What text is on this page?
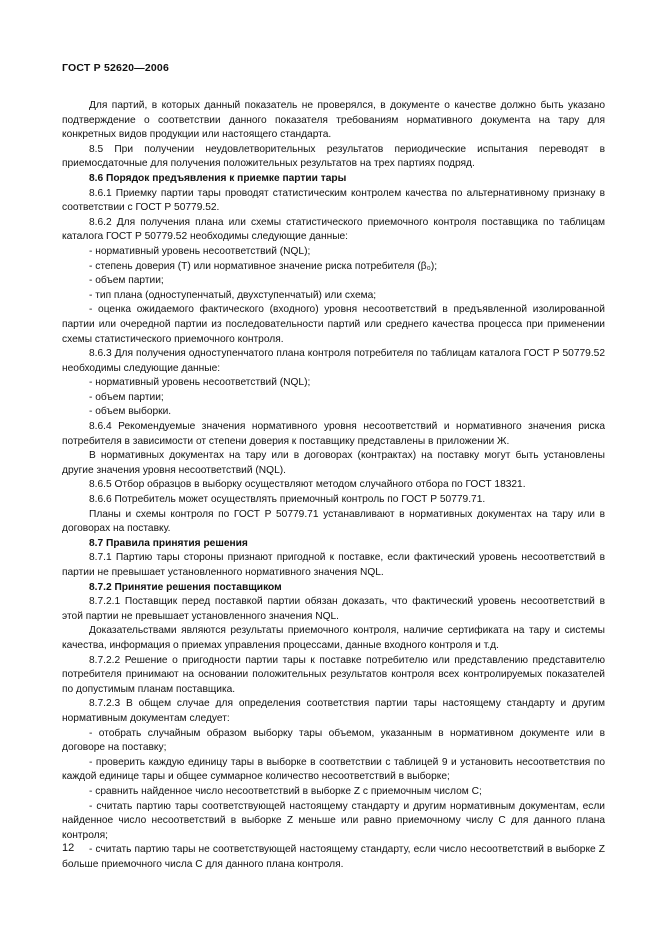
ГОСТ Р 52620—2006

Для партий, в которых данный показатель не проверялся, в документе о качестве должно быть указано подтверждение о соответствии данного показателя требованиям нормативного документа на тару для конкретных видов продукции или настоящего стандарта.

8.5 При получении неудовлетворительных результатов периодические испытания переводят в приемосдаточные для получения положительных результатов на трех партиях подряд.

8.6 Порядок предъявления к приемке партии тары

8.6.1 Приемку партии тары проводят статистическим контролем качества по альтернативному признаку в соответствии с ГОСТ Р 50779.52.

8.6.2 Для получения плана или схемы статистического приемочного контроля поставщика по таблицам каталога ГОСТ Р 50779.52 необходимы следующие данные:

- нормативный уровень несоответствий (NQL);

- степень доверия (Т) или нормативное значение риска потребителя (β₀);

- объем партии;

- тип плана (одноступенчатый, двухступенчатый) или схема;

- оценка ожидаемого фактического (входного) уровня несоответствий в предъявленной изолированной партии или очередной партии из последовательности партий или среднего качества процесса при применении схемы статистического приемочного контроля.

8.6.3 Для получения одноступенчатого плана контроля потребителя по таблицам каталога ГОСТ Р 50779.52 необходимы следующие данные:

- нормативный уровень несоответствий (NQL);

- объем партии;

- объем выборки.

8.6.4 Рекомендуемые значения нормативного уровня несоответствий и нормативного значения риска потребителя в зависимости от степени доверия к поставщику представлены в приложении Ж.

В нормативных документах на тару или в договорах (контрактах) на поставку могут быть установлены другие значения уровня несоответствий (NQL).

8.6.5 Отбор образцов в выборку осуществляют методом случайного отбора по ГОСТ 18321.

8.6.6 Потребитель может осуществлять приемочный контроль по ГОСТ Р 50779.71.

Планы и схемы контроля по ГОСТ Р 50779.71 устанавливают в нормативных документах на тару или в договорах на поставку.

8.7 Правила принятия решения

8.7.1 Партию тары стороны признают пригодной к поставке, если фактический уровень несоответствий в партии не превышает установленного нормативного значения NQL.

8.7.2 Принятие решения поставщиком

8.7.2.1 Поставщик перед поставкой партии обязан доказать, что фактический уровень несоответствий в этой партии не превышает установленного значения NQL.

Доказательствами являются результаты приемочного контроля, наличие сертификата на тару и системы качества, информация о приемах управления процессами, данные входного контроля и т.д.

8.7.2.2 Решение о пригодности партии тары к поставке потребителю или представлению представителю потребителя принимают на основании положительных результатов контроля всех контролируемых показателей по допустимым планам поставщика.

8.7.2.3 В общем случае для определения соответствия партии тары настоящему стандарту и другим нормативным документам следует:

- отобрать случайным образом выборку тары объемом, указанным в нормативном документе или в договоре на поставку;

- проверить каждую единицу тары в выборке в соответствии с таблицей 9 и установить несоответствия по каждой единице тары и общее суммарное количество несоответствий в выборке;

- сравнить найденное число несоответствий в выборке Z с приемочным числом С;

- считать партию тары соответствующей настоящему стандарту и другим нормативным документам, если найденное число несоответствий в выборке Z меньше или равно приемочному числу С для данного плана контроля;

- считать партию тары не соответствующей настоящему стандарту, если число несоответствий в выборке Z больше приемочного числа С для данного плана контроля.

12
